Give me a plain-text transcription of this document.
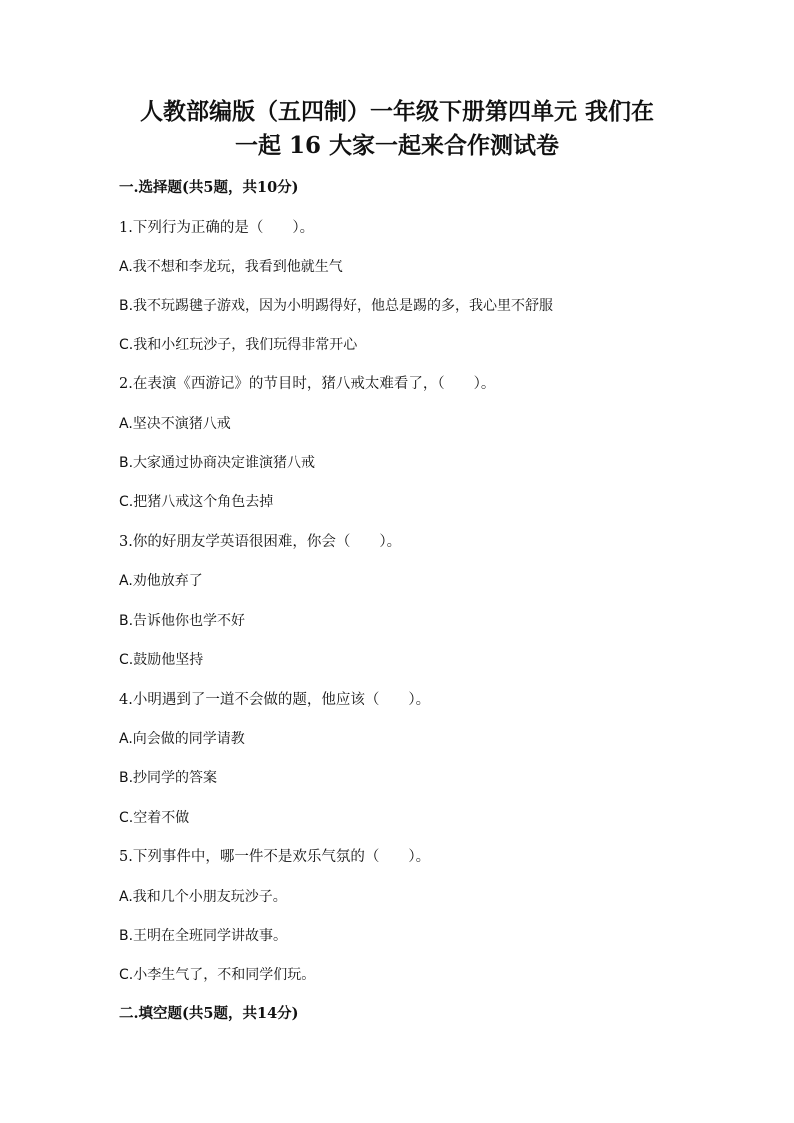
人教部编版（五四制）一年级下册第四单元 我们在
一起 16 大家一起来合作测试卷
一.选择题(共5题，共10分)
1.下列行为正确的是（　　）。
A.我不想和李龙玩，我看到他就生气
B.我不玩踢毽子游戏，因为小明踢得好，他总是踢的多，我心里不舒服
C.我和小红玩沙子，我们玩得非常开心
2.在表演《西游记》的节目时，猪八戒太难看了，（　　）。
A.坚决不演猪八戒
B.大家通过协商决定谁演猪八戒
C.把猪八戒这个角色去掉
3.你的好朋友学英语很困难，你会（　　）。
A.劝他放弃了
B.告诉他你也学不好
C.鼓励他坚持
4.小明遇到了一道不会做的题，他应该（　　）。
A.向会做的同学请教
B.抄同学的答案
C.空着不做
5.下列事件中，哪一件不是欢乐气氛的（　　）。
A.我和几个小朋友玩沙子。
B.王明在全班同学讲故事。
C.小李生气了，不和同学们玩。
二.填空题(共5题，共14分)
